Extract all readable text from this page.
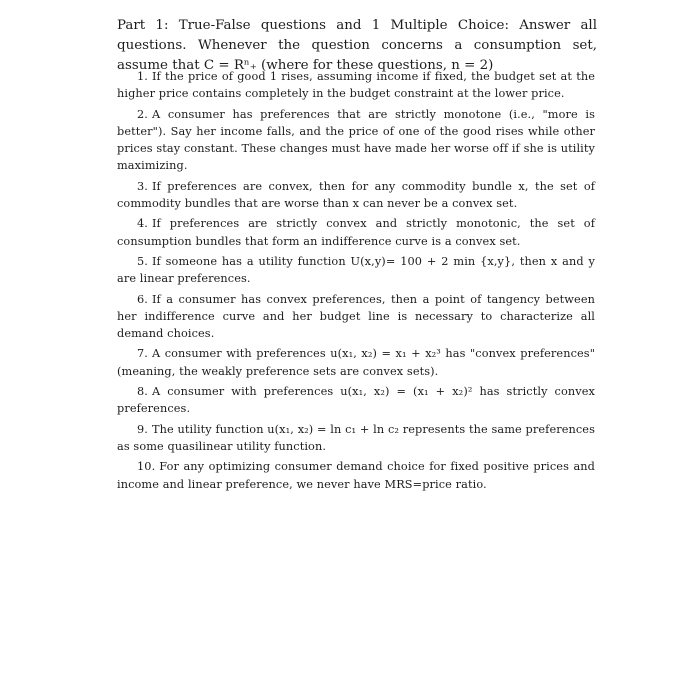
Part 1: True-False questions and 1 Multiple Choice: Answer all questions. Whenever the question concerns a consumption set, assume that C = Rⁿ₊ (where for these questions, n = 2)

1. If the price of good 1 rises, assuming income if fixed, the budget set at the higher price contains completely in the budget constraint at the lower price.

2. A consumer has preferences that are strictly monotone (i.e., "more is better"). Say her income falls, and the price of one of the good rises while other prices stay constant. These changes must have made her worse off if she is utility maximizing.

3. If preferences are convex, then for any commodity bundle x, the set of commodity bundles that are worse than x can never be a convex set.

4. If preferences are strictly convex and strictly monotonic, the set of consumption bundles that form an indifference curve is a convex set.

5. If someone has a utility function U(x,y)= 100 + 2 min {x,y}, then x and y are linear preferences.

6. If a consumer has convex preferences, then a point of tangency between her indifference curve and her budget line is necessary to characterize all demand choices.

7. A consumer with preferences u(x₁, x₂) = x₁ + x₂³ has "convex preferences" (meaning, the weakly preference sets are convex sets).

8. A consumer with preferences u(x₁, x₂) = (x₁ + x₂)² has strictly convex preferences.

9. The utility function u(x₁, x₂) = ln c₁ + ln c₂ represents the same preferences as some quasilinear utility function.

10. For any optimizing consumer demand choice for fixed positive prices and income and linear preference, we never have MRS=price ratio.
